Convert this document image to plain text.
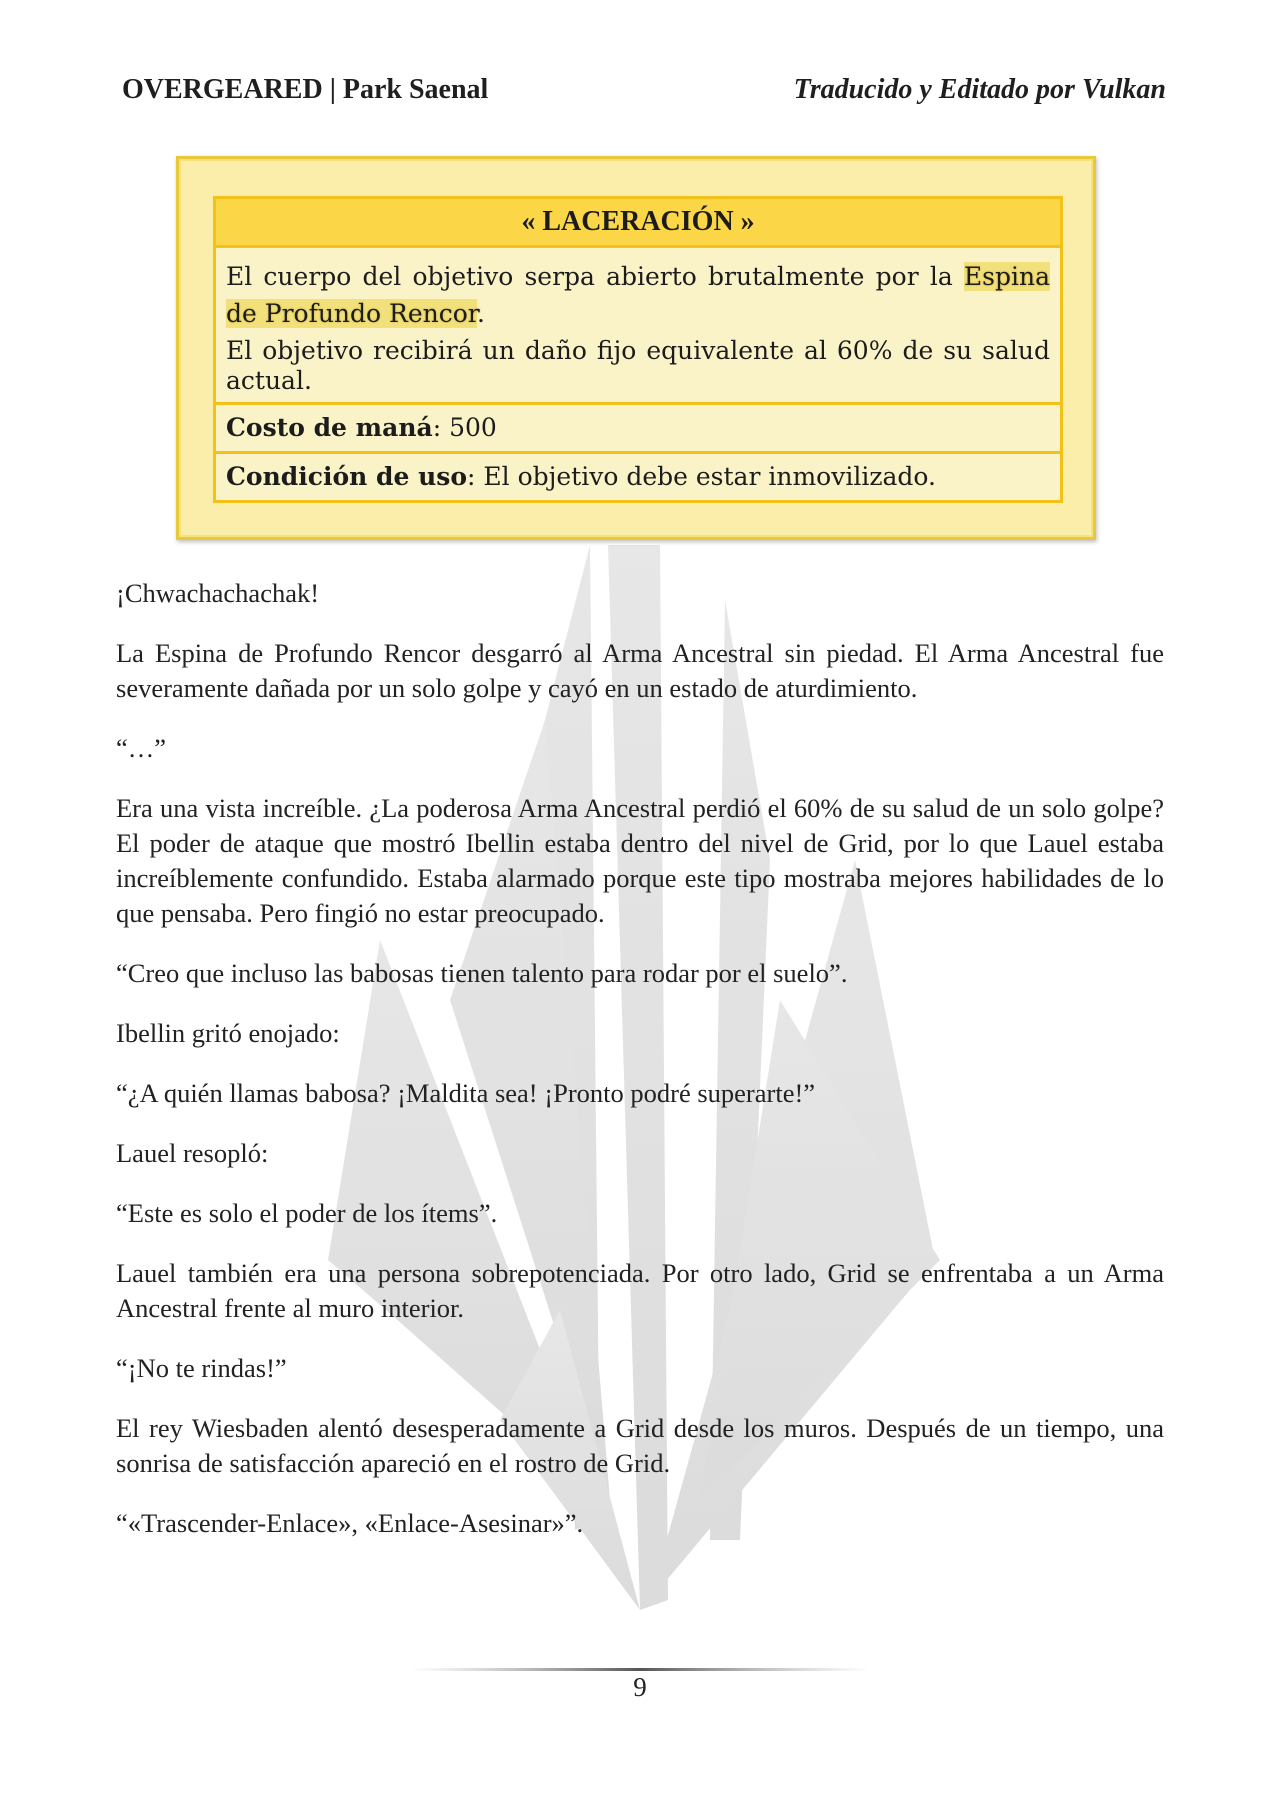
OVERGEARED | Park Saenal	Traducido y Editado por Vulkan
« LACERACIÓN »

El cuerpo del objetivo serpa abierto brutalmente por la Espina de Profundo Rencor.

El objetivo recibirá un daño fijo equivalente al 60% de su salud actual.

Costo de maná: 500
Condición de uso: El objetivo debe estar inmovilizado.

¡Chwachachachak!

La Espina de Profundo Rencor desgarró al Arma Ancestral sin piedad. El Arma Ancestral fue severamente dañada por un solo golpe y cayó en un estado de aturdimiento.

“…”

Era una vista increíble. ¿La poderosa Arma Ancestral perdió el 60% de su salud de un solo golpe? El poder de ataque que mostró Ibellin estaba dentro del nivel de Grid, por lo que Lauel estaba increíblemente confundido. Estaba alarmado porque este tipo mostraba mejores habilidades de lo que pensaba. Pero fingió no estar preocupado.

“Creo que incluso las babosas tienen talento para rodar por el suelo”.

Ibellin gritó enojado:

“¿A quién llamas babosa? ¡Maldita sea! ¡Pronto podré superarte!”

Lauel resopló:

“Este es solo el poder de los ítems”.

Lauel también era una persona sobrepotenciada. Por otro lado, Grid se enfrentaba a un Arma Ancestral frente al muro interior.

“¡No te rindas!”

El rey Wiesbaden alentó desesperadamente a Grid desde los muros. Después de un tiempo, una sonrisa de satisfacción apareció en el rostro de Grid.

“«Trascender-Enlace», «Enlace-Asesinar»”.

9
